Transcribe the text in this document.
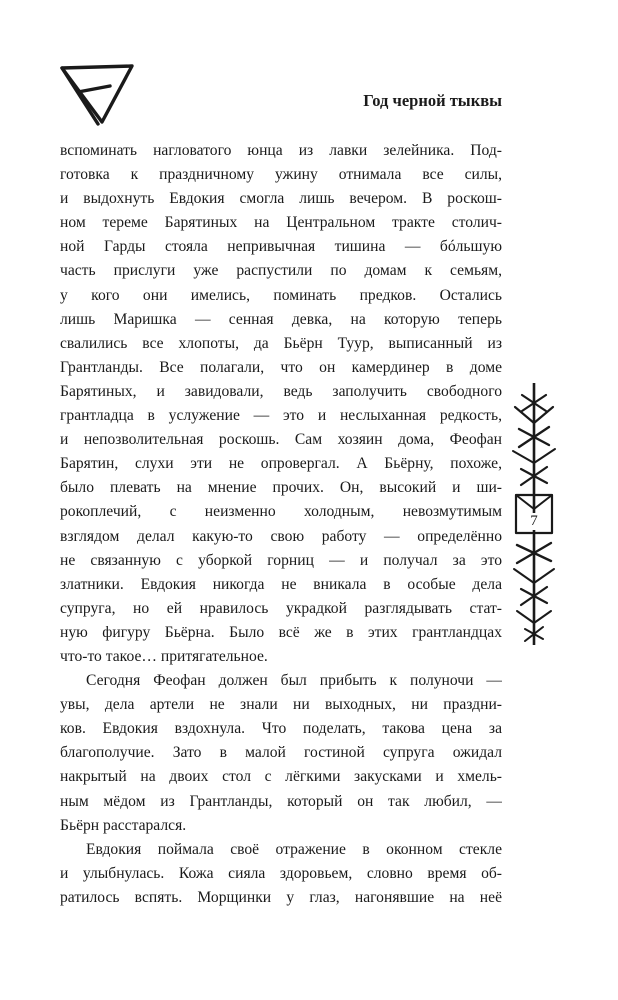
Год черной тыквы
вспоминать нагловатого юнца из лавки зелейника. Под-
готовка к праздничному ужину отнимала все силы,
и выдохнуть Евдокия смогла лишь вечером. В роскош-
ном тереме Барятиных на Центральном тракте столич-
ной Гарды стояла непривычная тишина — бóльшую
часть прислуги уже распустили по домам к семьям,
у кого они имелись, поминать предков. Остались
лишь Маришка — сенная девка, на которую теперь
свалились все хлопоты, да Бьёрн Туур, выписанный из
Грантланды. Все полагали, что он камердинер в доме
Барятиных, и завидовали, ведь заполучить свободного
грантладца в услужение — это и неслыханная редкость,
и непозволительная роскошь. Сам хозяин дома, Феофан
Барятин, слухи эти не опровергал. А Бьёрну, похоже,
было плевать на мнение прочих. Он, высокий и ши-
рокоплечий, с неизменно холодным, невозмутимым
взглядом делал какую-то свою работу — определённо
не связанную с уборкой горниц — и получал за это
златники. Евдокия никогда не вникала в особые дела
супруга, но ей нравилось украдкой разглядывать стат-
ную фигуру Бьёрна. Было всё же в этих грантландцах
что-то такое… притягательное.
Сегодня Феофан должен был прибыть к полуночи —
увы, дела артели не знали ни выходных, ни праздни-
ков. Евдокия вздохнула. Что поделать, такова цена за
благополучие. Зато в малой гостиной супруга ожидал
накрытый на двоих стол с лёгкими закусками и хмель-
ным мёдом из Грантланды, который он так любил, —
Бьёрн расстарался.
Евдокия поймала своё отражение в оконном стекле
и улыбнулась. Кожа сияла здоровьем, словно время об-
ратилось вспять. Морщинки у глаз, нагонявшие на неё
7
